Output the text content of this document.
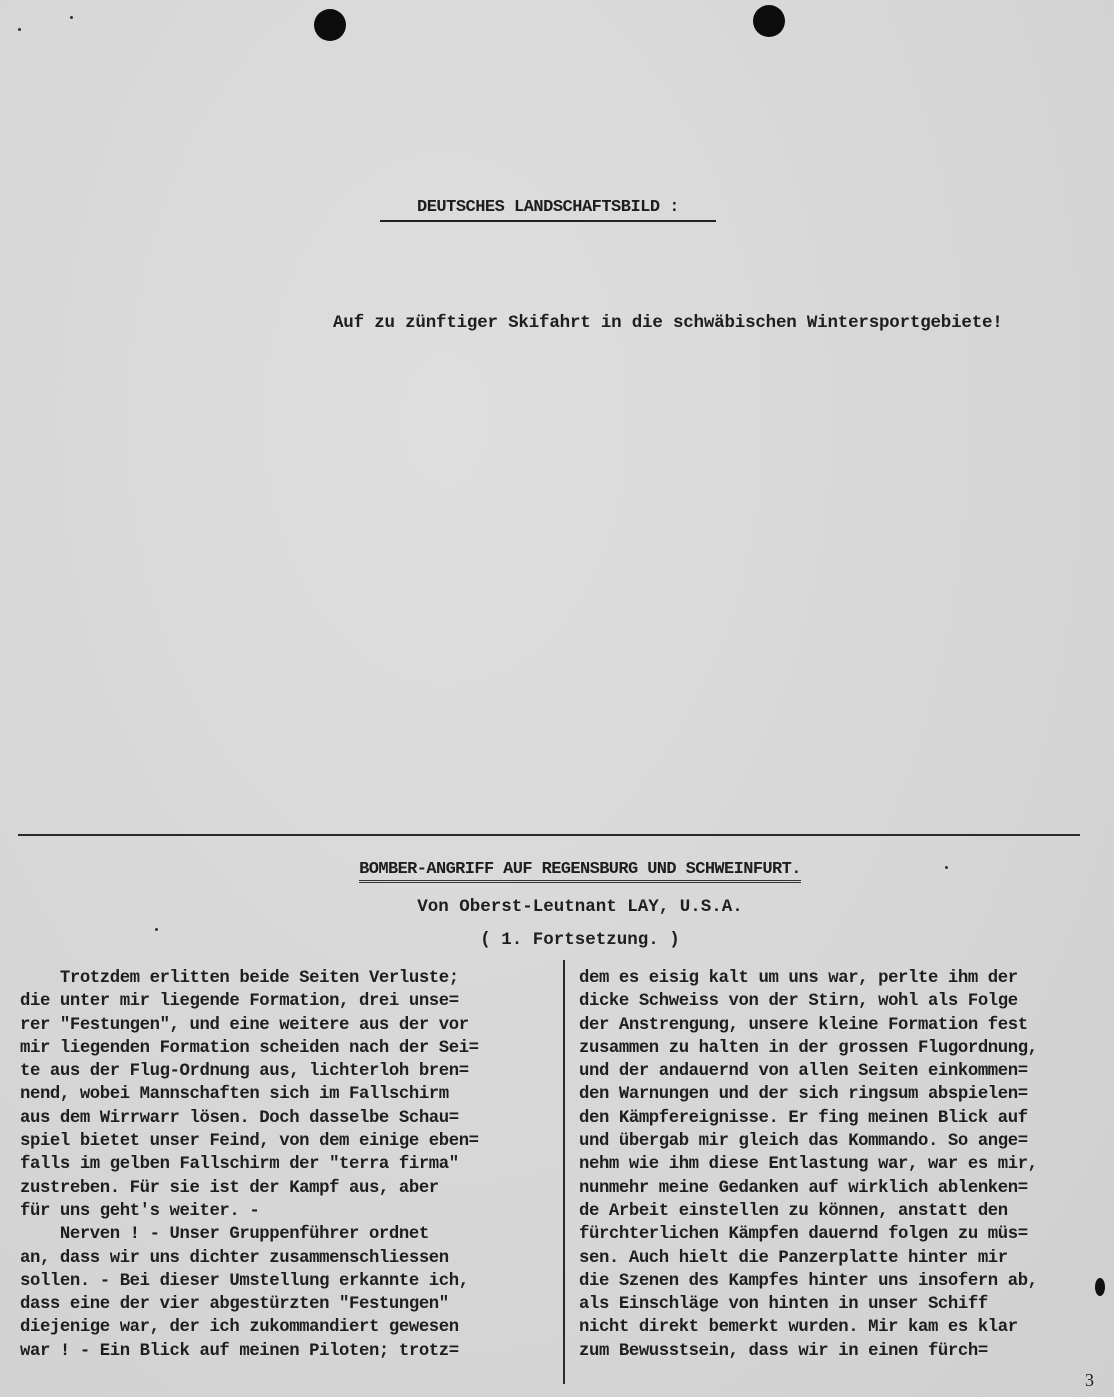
DEUTSCHES LANDSCHAFTSBILD :
Auf zu zünftiger Skifahrt in die schwäbischen Wintersportgebiete!
BOMBER-ANGRIFF AUF REGENSBURG UND SCHWEINFURT.
Von Oberst-Leutnant LAY, U.S.A.
( 1. Fortsetzung. )
Trotzdem erlitten beide Seiten Verluste;
die unter mir liegende Formation, drei unse=
rer "Festungen", und eine weitere aus der vor
mir liegenden Formation scheiden nach der Sei=
te aus der Flug-Ordnung aus, lichterloh bren=
nend, wobei Mannschaften sich im Fallschirm
aus dem Wirrwarr lösen. Doch dasselbe Schau=
spiel bietet unser Feind, von dem einige eben=
falls im gelben Fallschirm der "terra firma"
zustreben. Für sie ist der Kampf aus, aber
für uns geht's weiter. -
Nerven ! - Unser Gruppenführer ordnet
an, dass wir uns dichter zusammenschliessen
sollen. - Bei dieser Umstellung erkannte ich,
dass eine der vier abgestürzten "Festungen"
diejenige war, der ich zukommandiert gewesen
war ! - Ein Blick auf meinen Piloten; trotz=
dem es eisig kalt um uns war, perlte ihm der
dicke Schweiss von der Stirn, wohl als Folge
der Anstrengung, unsere kleine Formation fest
zusammen zu halten in der grossen Flugordnung,
und der andauernd von allen Seiten einkommen=
den Warnungen und der sich ringsum abspielen=
den Kämpfereignisse. Er fing meinen Blick auf
und übergab mir gleich das Kommando. So ange=
nehm wie ihm diese Entlastung war, war es mir,
nunmehr meine Gedanken auf wirklich ablenken=
de Arbeit einstellen zu können, anstatt den
fürchterlichen Kämpfen dauernd folgen zu müs=
sen. Auch hielt die Panzerplatte hinter mir
die Szenen des Kampfes hinter uns insofern ab,
als Einschläge von hinten in unser Schiff
nicht direkt bemerkt wurden. Mir kam es klar
zum Bewusstsein, dass wir in einen fürch=
3
